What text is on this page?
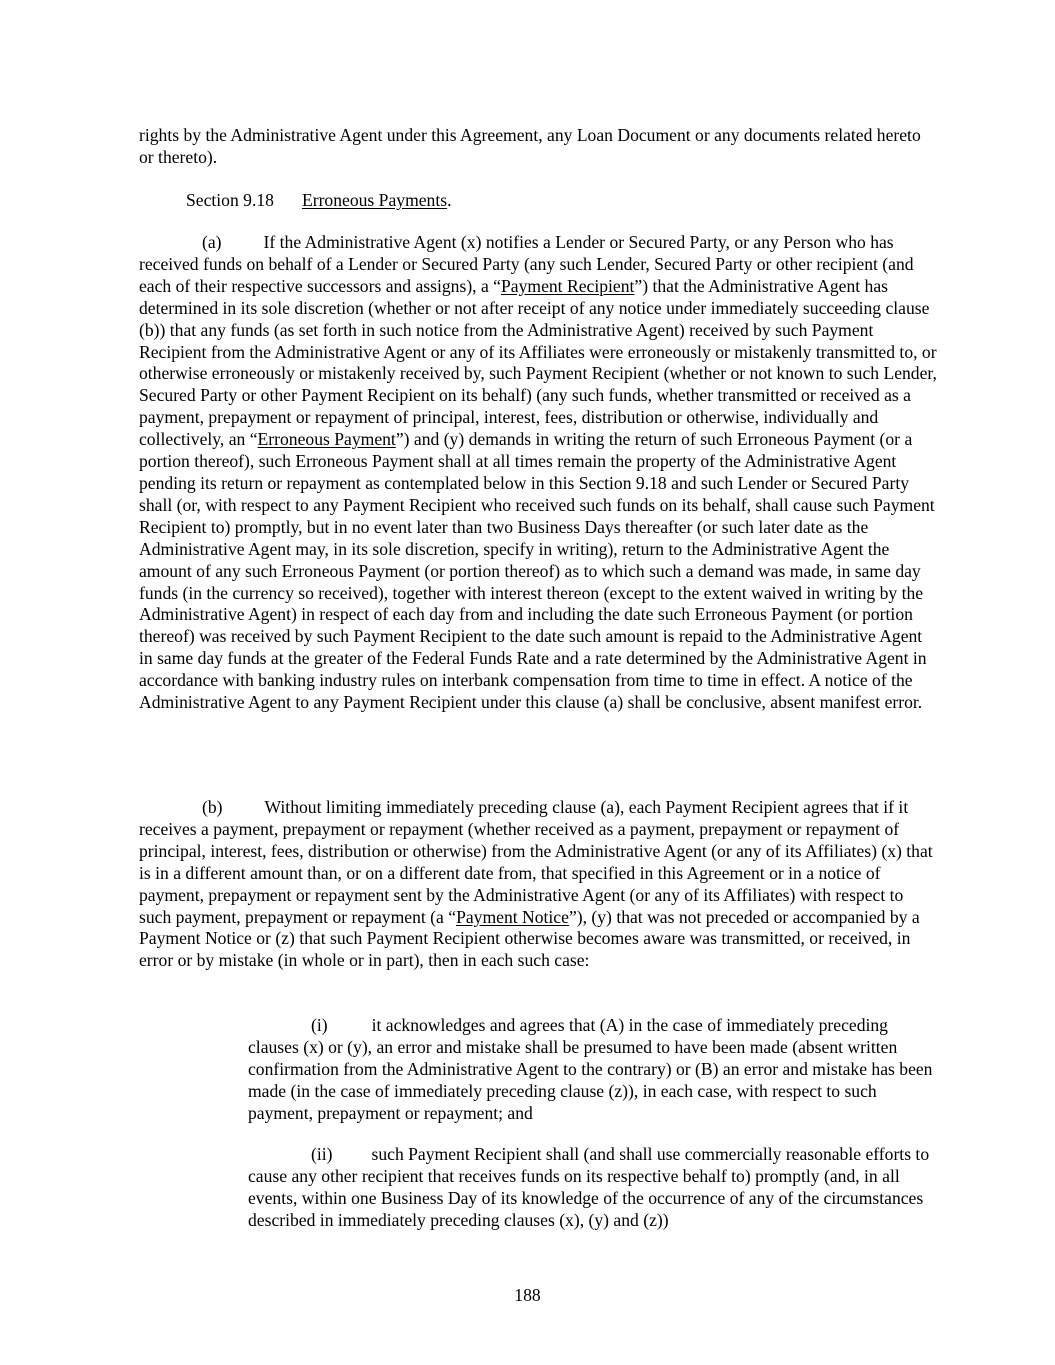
rights by the Administrative Agent under this Agreement, any Loan Document or any documents related hereto or thereto).

Section 9.18 Erroneous Payments.

(a) If the Administrative Agent (x) notifies a Lender or Secured Party, or any Person who has received funds on behalf of a Lender or Secured Party (any such Lender, Secured Party or other recipient (and each of their respective successors and assigns), a “Payment Recipient”) that the Administrative Agent has determined in its sole discretion (whether or not after receipt of any notice under immediately succeeding clause (b)) that any funds (as set forth in such notice from the Administrative Agent) received by such Payment Recipient from the Administrative Agent or any of its Affiliates were erroneously or mistakenly transmitted to, or otherwise erroneously or mistakenly received by, such Payment Recipient (whether or not known to such Lender, Secured Party or other Payment Recipient on its behalf) (any such funds, whether transmitted or received as a payment, prepayment or repayment of principal, interest, fees, distribution or otherwise, individually and collectively, an “Erroneous Payment”) and (y) demands in writing the return of such Erroneous Payment (or a portion thereof), such Erroneous Payment shall at all times remain the property of the Administrative Agent pending its return or repayment as contemplated below in this Section 9.18 and such Lender or Secured Party shall (or, with respect to any Payment Recipient who received such funds on its behalf, shall cause such Payment Recipient to) promptly, but in no event later than two Business Days thereafter (or such later date as the Administrative Agent may, in its sole discretion, specify in writing), return to the Administrative Agent the amount of any such Erroneous Payment (or portion thereof) as to which such a demand was made, in same day funds (in the currency so received), together with interest thereon (except to the extent waived in writing by the Administrative Agent) in respect of each day from and including the date such Erroneous Payment (or portion thereof) was received by such Payment Recipient to the date such amount is repaid to the Administrative Agent in same day funds at the greater of the Federal Funds Rate and a rate determined by the Administrative Agent in accordance with banking industry rules on interbank compensation from time to time in effect. A notice of the Administrative Agent to any Payment Recipient under this clause (a) shall be conclusive, absent manifest error.

(b) Without limiting immediately preceding clause (a), each Payment Recipient agrees that if it receives a payment, prepayment or repayment (whether received as a payment, prepayment or repayment of principal, interest, fees, distribution or otherwise) from the Administrative Agent (or any of its Affiliates) (x) that is in a different amount than, or on a different date from, that specified in this Agreement or in a notice of payment, prepayment or repayment sent by the Administrative Agent (or any of its Affiliates) with respect to such payment, prepayment or repayment (a “Payment Notice”), (y) that was not preceded or accompanied by a Payment Notice or (z) that such Payment Recipient otherwise becomes aware was transmitted, or received, in error or by mistake (in whole or in part), then in each such case:

(i)	it acknowledges and agrees that (A) in the case of immediately preceding clauses (x) or (y), an error and mistake shall be presumed to have been made (absent written confirmation from the Administrative Agent to the contrary) or (B) an error and mistake has been made (in the case of immediately preceding clause (z)), in each case, with respect to such payment, prepayment or repayment; and

(ii) such Payment Recipient shall (and shall use commercially reasonable efforts to cause any other recipient that receives funds on its respective behalf to) promptly (and, in all events, within one Business Day of its knowledge of the occurrence of any of the circumstances described in immediately preceding clauses (x), (y) and (z))

188
